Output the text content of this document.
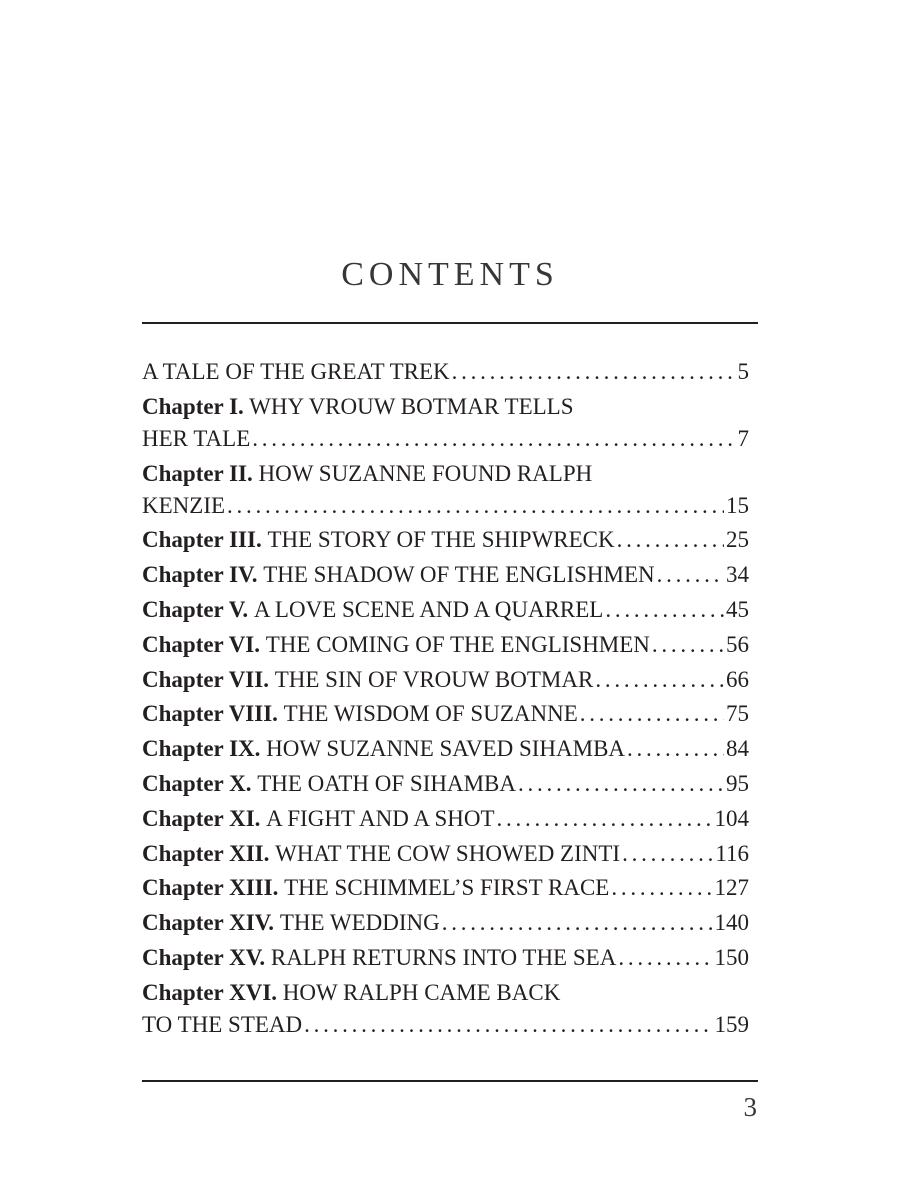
CONTENTS
A TALE OF THE GREAT TREK . . .	5
Chapter I. WHY VROUW BOTMAR TELLS
HER TALE . . .	7
Chapter II. HOW SUZANNE FOUND RALPH
KENZIE . . .	15
Chapter III.
THE STORY OF THE SHIPWRECK . . .	25
Chapter IV.
THE SHADOW OF THE ENGLISHMEN . . .	34
Chapter V.
A LOVE SCENE AND A QUARREL . . .	45
Chapter VI.
THE COMING OF THE ENGLISHMEN . . .	56
Chapter VII.
THE SIN OF VROUW BOTMAR . . .	66
Chapter VIII.
THE WISDOM OF SUZANNE . . .	75
Chapter IX.
HOW SUZANNE SAVED SIHAMBA . . .	84
Chapter X.
THE OATH OF SIHAMBA . . .	95
Chapter XI.
A FIGHT AND A SHOT . . .	104
Chapter XII.
WHAT THE COW SHOWED ZINTI . . .	116
Chapter XIII.
THE SCHIMMEL’S FIRST RACE . . .	127
Chapter XIV.
THE WEDDING . . .	140
Chapter XV.
RALPH RETURNS INTO THE SEA . . .	150
Chapter XVI. HOW RALPH CAME BACK
TO THE STEAD . . .	159
3
